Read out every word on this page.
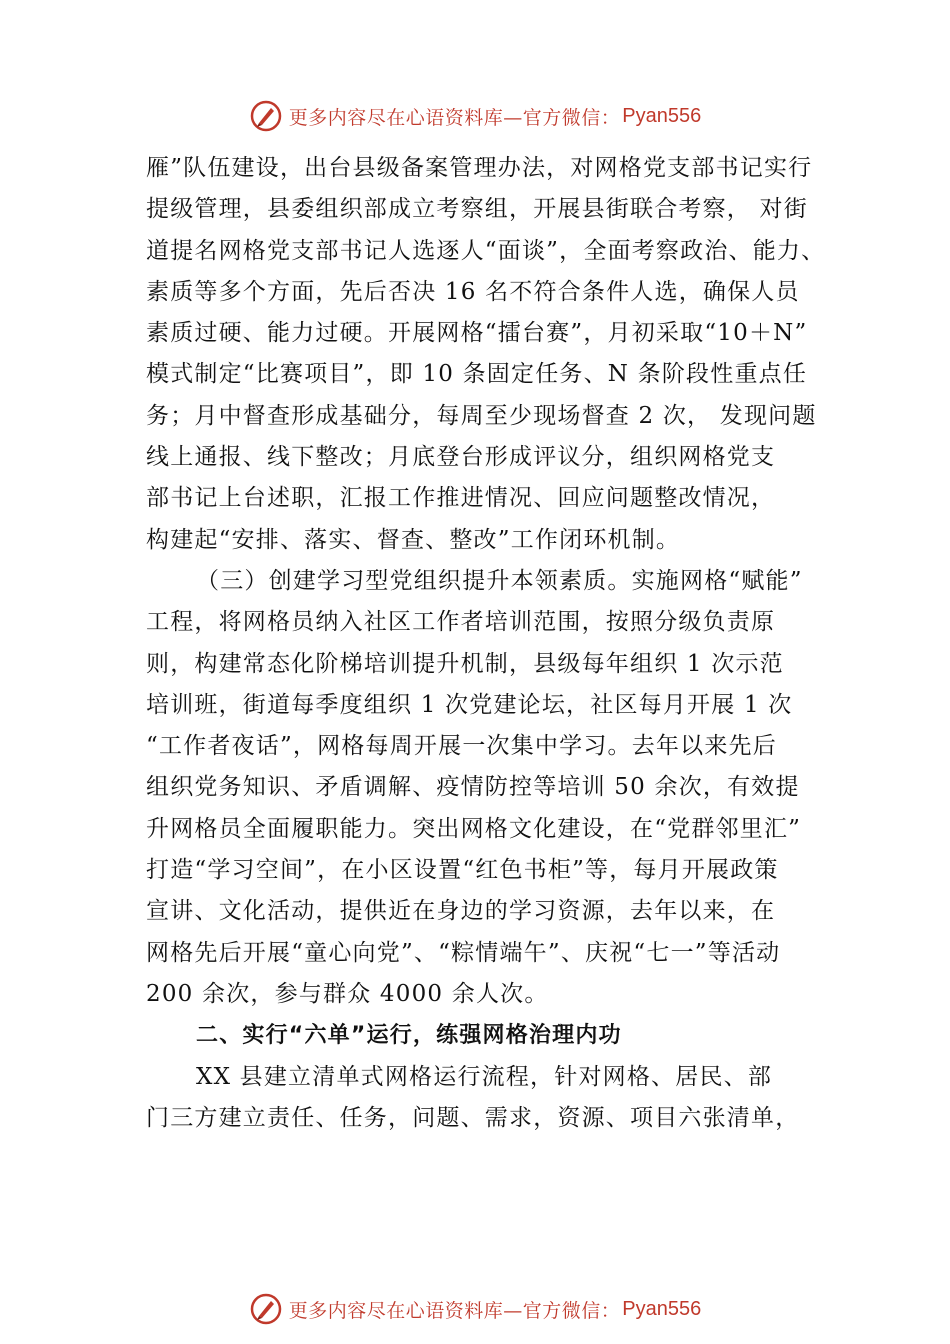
更多内容尽在心语资料库—官方微信： Pyan556
雁”队伍建设，出台县级备案管理办法，对网格党支部书记实行
提级管理，县委组织部成立考察组，开展县街联合考察， 对街
道提名网格党支部书记人选逐人“面谈”，全面考察政治、能力、
素质等多个方面，先后否决 16 名不符合条件人选，确保人员
素质过硬、能力过硬。开展网格“擂台赛”，月初采取“10＋N”
模式制定“比赛项目”，即 10 条固定任务、N 条阶段性重点任
务；月中督查形成基础分，每周至少现场督查 2 次， 发现问题
线上通报、线下整改；月底登台形成评议分，组织网格党支
部书记上台述职，汇报工作推进情况、回应问题整改情况，
构建起“安排、落实、督查、整改”工作闭环机制。
（三）创建学习型党组织提升本领素质。实施网格“赋能”
工程，将网格员纳入社区工作者培训范围，按照分级负责原
则，构建常态化阶梯培训提升机制，县级每年组织 1 次示范
培训班，街道每季度组织 1 次党建论坛，社区每月开展 1 次
“工作者夜话”，网格每周开展一次集中学习。去年以来先后
组织党务知识、矛盾调解、疫情防控等培训 50 余次，有效提
升网格员全面履职能力。突出网格文化建设，在“党群邻里汇”
打造“学习空间”，在小区设置“红色书柜”等，每月开展政策
宣讲、文化活动，提供近在身边的学习资源，去年以来，在
网格先后开展“童心向党”、“粽情端午”、庆祝“七一”等活动
200 余次，参与群众 4000 余人次。
二、实行“六单”运行，练强网格治理内功
XX 县建立清单式网格运行流程，针对网格、居民、部
门三方建立责任、任务，问题、需求，资源、项目六张清单，
更多内容尽在心语资料库—官方微信： Pyan556
